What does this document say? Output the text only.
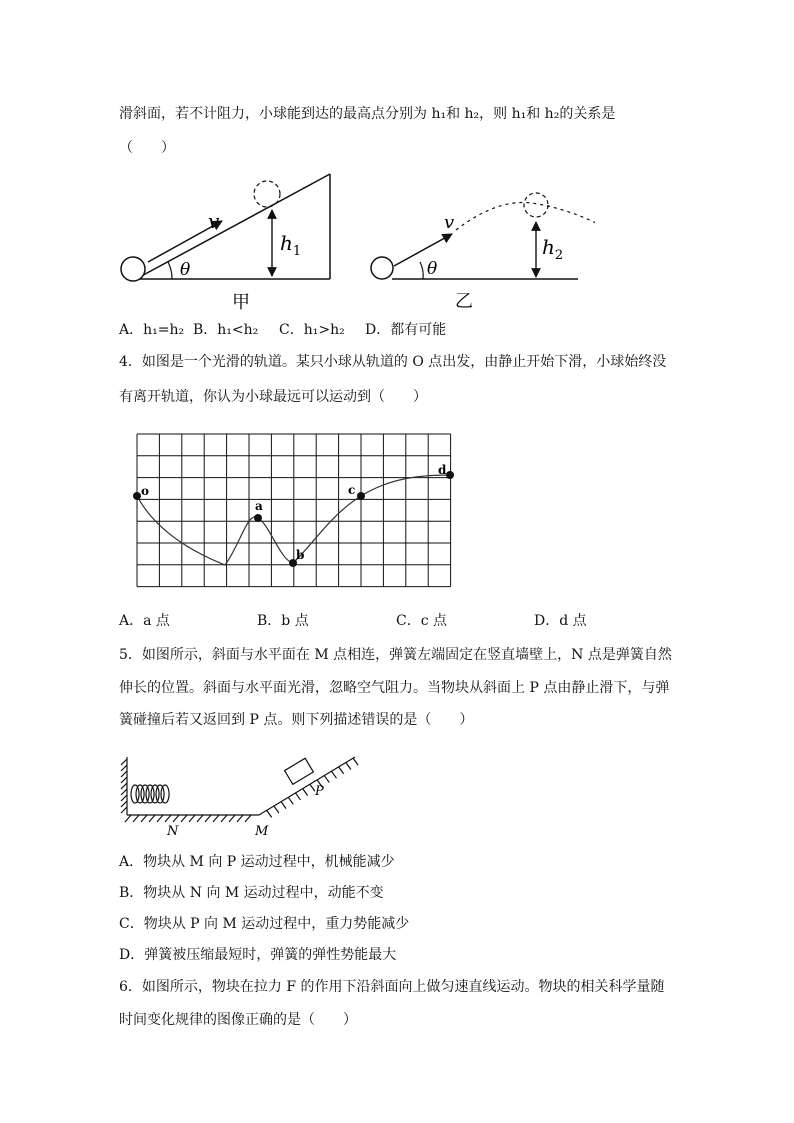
滑斜面，若不计阻力，小球能到达的最高点分别为 h₁和 h₂，则 h₁和 h₂的关系是
（　　）
v
θ
$h_1$
甲
v
θ
$h_2$
乙
A．h₁=h₂ B．h₁<h₂ C．h₁>h₂ D．都有可能
4．如图是一个光滑的轨道。某只小球从轨道的 O 点出发，由静止开始下滑，小球始终没
有离开轨道，你认为小球最远可以运动到（　　）
o
a
b
c
d
A．a 点	B．b 点	C．c 点	D．d 点
5．如图所示，斜面与水平面在 M 点相连，弹簧左端固定在竖直墙壁上，N 点是弹簧自然
伸长的位置。斜面与水平面光滑，忽略空气阻力。当物块从斜面上 P 点由静止滑下，与弹
簧碰撞后若又返回到 P 点。则下列描述错误的是（　　）
N	M
P
A．物块从 M 向 P 运动过程中，机械能减少
B．物块从 N 向 M 运动过程中，动能不变
C．物块从 P 向 M 运动过程中，重力势能减少
D．弹簧被压缩最短时，弹簧的弹性势能最大
6．如图所示，物块在拉力 F 的作用下沿斜面向上做匀速直线运动。物块的相关科学量随
时间变化规律的图像正确的是（　　）
